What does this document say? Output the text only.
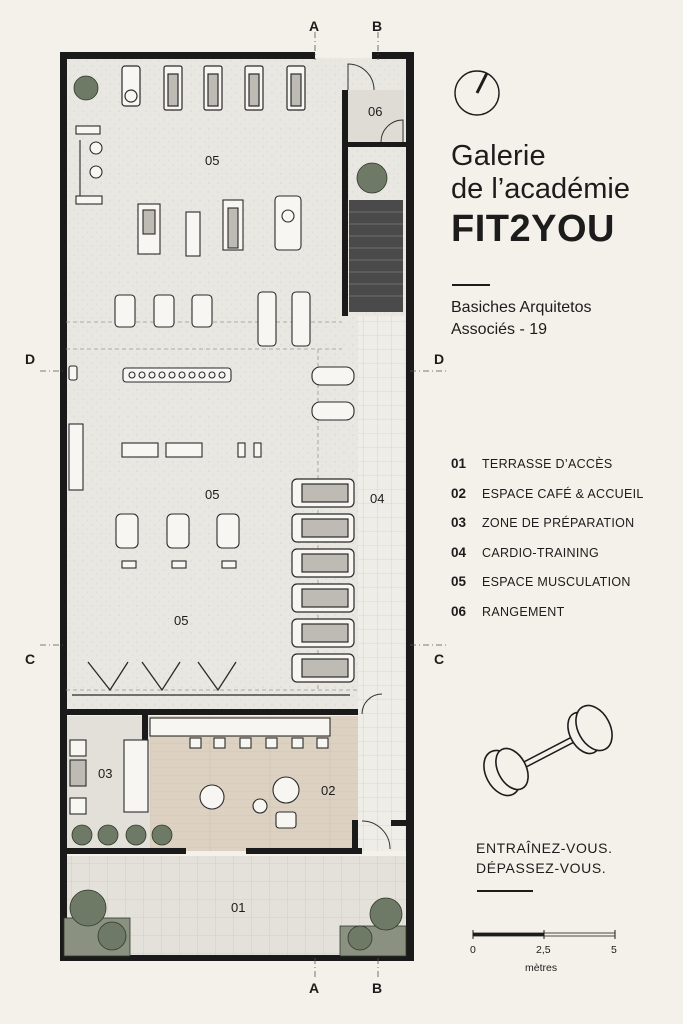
A	B
A	B
D	D
C	C
01
02
03
04
05
05
05
06
Galerie
de l’académie
FIT2YOU
Basiches Arquitetos
Associés - 19
01 TERRASSE D’ACCÈS
02 ESPACE CAFÉ & ACCUEIL
03 ZONE DE PRÉPARATION
04 CARDIO-TRAINING
05 ESPACE MUSCULATION
06 RANGEMENT
ENTRAÎNEZ-VOUS.
DÉPASSEZ-VOUS.
0	2,5	5
mètres
